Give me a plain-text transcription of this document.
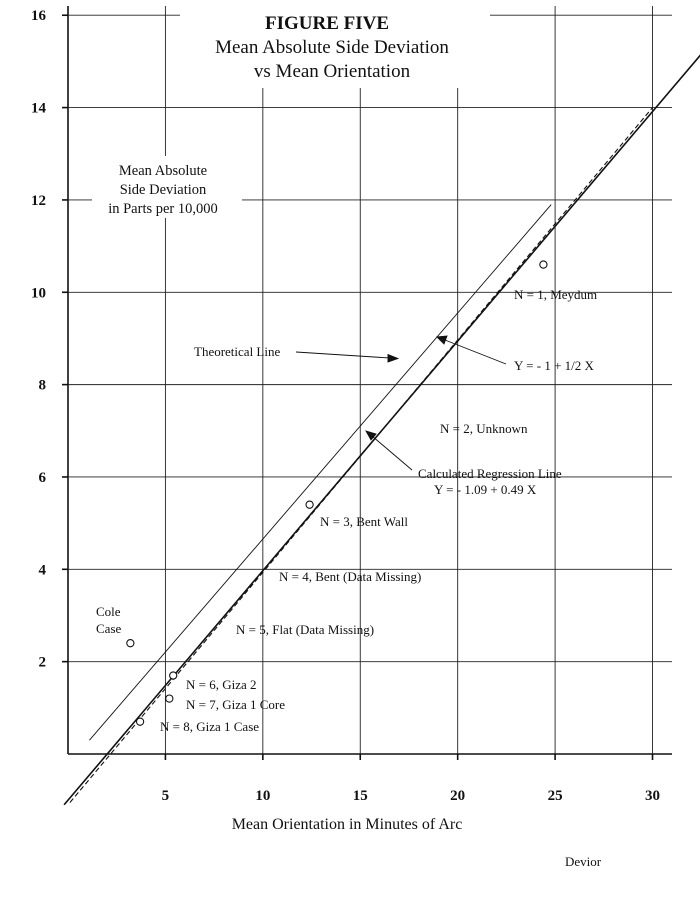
5	10	15	20	25	30
2
4
6
8
10
12
14
16	FIGURE FIVE
Mean Absolute Side Deviation
vs Mean Orientation
Mean Absolute
Side Deviation
in Parts per 10,000
Mean Orientation in Minutes of Arc
N = 1, Meydum
N = 2, Unknown
N = 3, Bent Wall
N = 4, Bent (Data Missing)
N = 5, Flat (Data Missing)
N = 6, Giza 2
N = 7, Giza 1 Core
N = 8, Giza 1 Case
Cole
Case
Theoretical Line
Y = - 1 + 1/2 X
Calculated Regression Line
Y = - 1.09 + 0.49 X
Devior
